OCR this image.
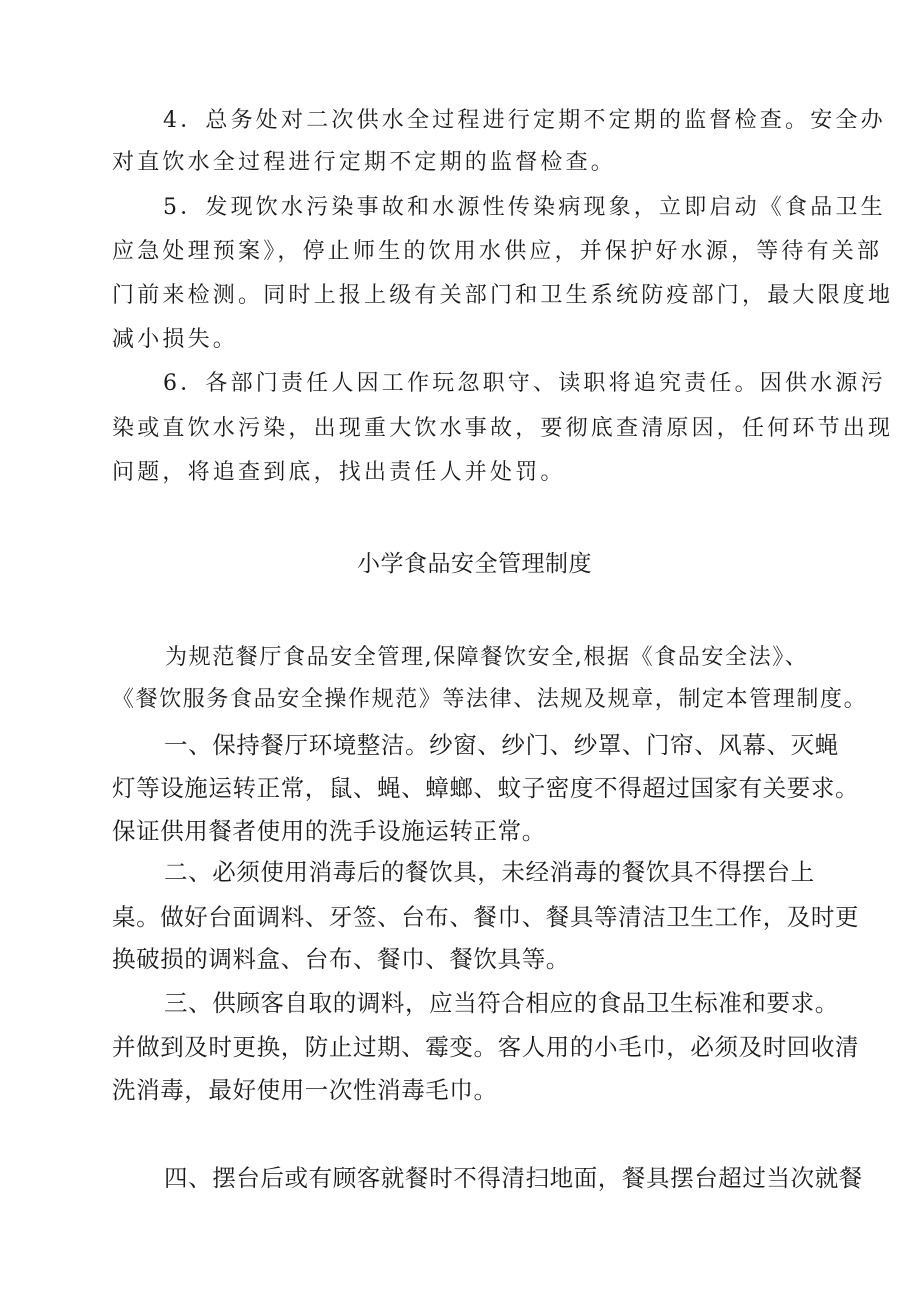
4．总务处对二次供水全过程进行定期不定期的监督检查。安全办
对直饮水全过程进行定期不定期的监督检查。
5．发现饮水污染事故和水源性传染病现象，立即启动《食品卫生
应急处理预案》，停止师生的饮用水供应，并保护好水源，等待有关部
门前来检测。同时上报上级有关部门和卫生系统防疫部门，最大限度地
减小损失。
6．各部门责任人因工作玩忽职守、读职将追究责任。因供水源污
染或直饮水污染，出现重大饮水事故，要彻底查清原因，任何环节出现
问题，将追查到底，找出责任人并处罚。
小学食品安全管理制度
为规范餐厅食品安全管理,保障餐饮安全,根据《食品安全法》、
《餐饮服务食品安全操作规范》等法律、法规及规章，制定本管理制度。
一、保持餐厅环境整洁。纱窗、纱门、纱罩、门帘、风幕、灭蝇
灯等设施运转正常，鼠、蝇、蟑螂、蚊子密度不得超过国家有关要求。
保证供用餐者使用的洗手设施运转正常。
二、必须使用消毒后的餐饮具，未经消毒的餐饮具不得摆台上
桌。做好台面调料、牙签、台布、餐巾、餐具等清洁卫生工作，及时更
换破损的调料盒、台布、餐巾、餐饮具等。
三、供顾客自取的调料，应当符合相应的食品卫生标准和要求。
并做到及时更换，防止过期、霉变。客人用的小毛巾，必须及时回收清
洗消毒，最好使用一次性消毒毛巾。
四、摆台后或有顾客就餐时不得清扫地面，餐具摆台超过当次就餐
